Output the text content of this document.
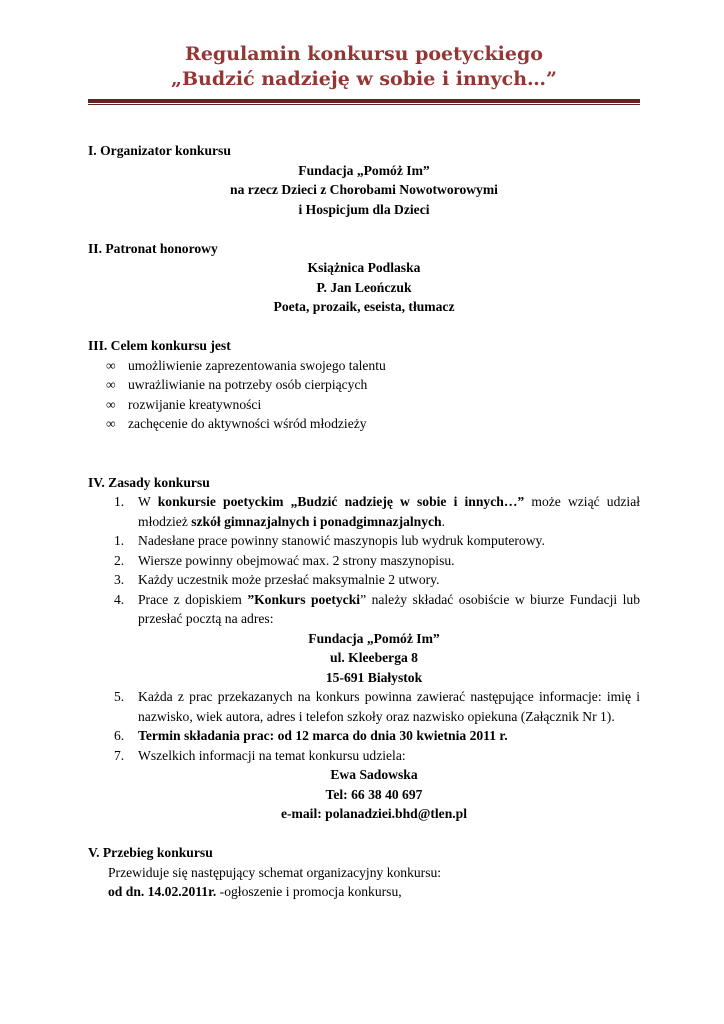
Regulamin konkursu poetyckiego
„Budzić nadzieję w sobie i innych…”
I. Organizator konkursu
Fundacja „Pomóż Im”
na rzecz Dzieci z Chorobami Nowotworowymi
i Hospicjum dla Dzieci
II. Patronat honorowy
Książnica Podlaska
P. Jan Leończuk
Poeta, prozaik, eseista, tłumacz
III. Celem konkursu jest
∞ umożliwienie zaprezentowania swojego talentu
∞ uwrażliwianie na potrzeby osób cierpiących
∞ rozwijanie kreatywności
∞ zachęcenie do aktywności wśród młodzieży
IV. Zasady konkursu
1. W konkursie poetyckim „Budzić nadzieję w sobie i innych…” może wziąć udział młodzież szkół gimnazjalnych i ponadgimnazjalnych.
1. Nadesłane prace powinny stanowić maszynopis lub wydruk komputerowy.
2. Wiersze powinny obejmować max. 2 strony maszynopisu.
3. Każdy uczestnik może przesłać maksymalnie 2 utwory.
4. Prace z dopiskiem ”Konkurs poetycki” należy składać osobiście w biurze Fundacji lub przesłać pocztą na adres:
Fundacja „Pomóż Im”
ul. Kleeberga 8
15-691 Białystok
5. Każda z prac przekazanych na konkurs powinna zawierać następujące informacje: imię i nazwisko, wiek autora, adres i telefon szkoły oraz nazwisko opiekuna (Załącznik Nr 1).
6. Termin składania prac: od 12 marca do dnia 30 kwietnia 2011 r.
7. Wszelkich informacji na temat konkursu udziela:
Ewa Sadowska
Tel: 66 38 40 697
e-mail: polanadziei.bhd@tlen.pl
V. Przebieg konkursu
Przewiduje się następujący schemat organizacyjny konkursu:
od dn. 14.02.2011r. -ogłoszenie i promocja konkursu,
